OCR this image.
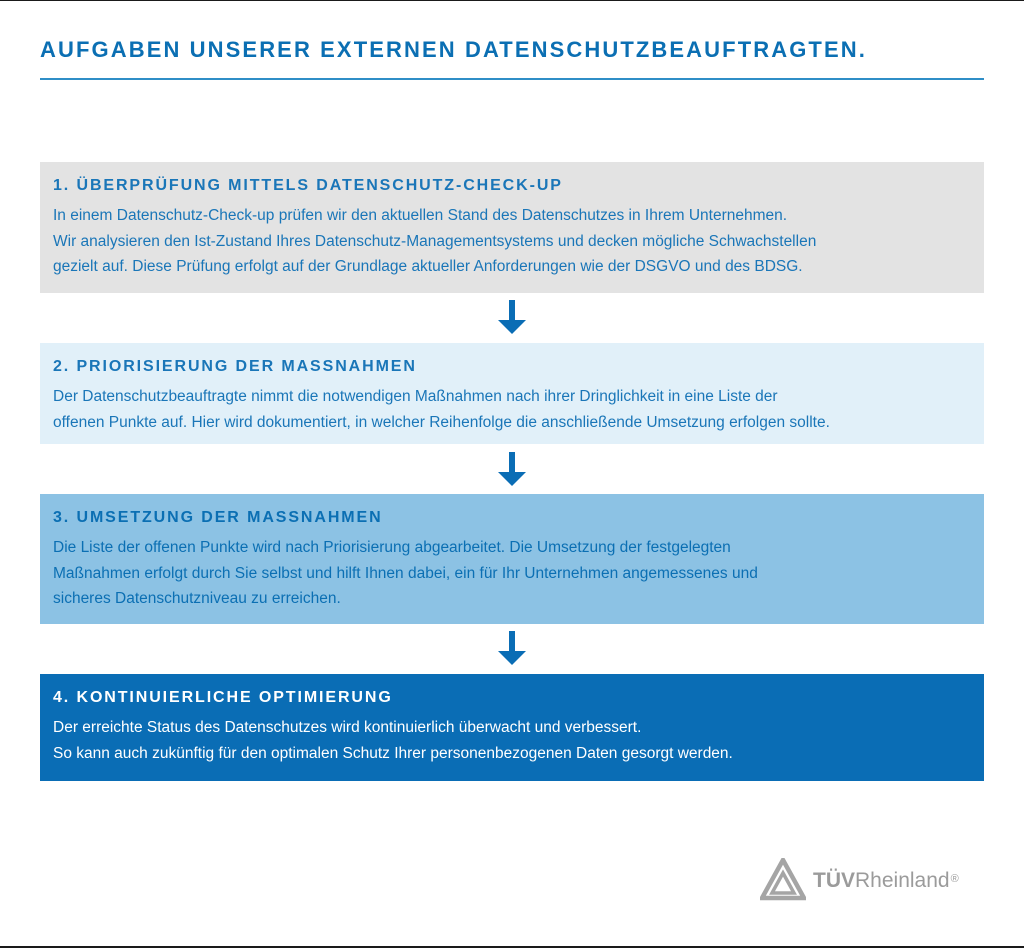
AUFGABEN UNSERER EXTERNEN DATENSCHUTZBEAUFTRAGTEN.
1. ÜBERPRÜFUNG MITTELS DATENSCHUTZ-CHECK-UP

In einem Datenschutz-Check-up prüfen wir den aktuellen Stand des Datenschutzes in Ihrem Unternehmen.
Wir analysieren den Ist-Zustand Ihres Datenschutz-Managementsystems und decken mögliche Schwachstellen
gezielt auf. Diese Prüfung erfolgt auf der Grundlage aktueller Anforderungen wie der DSGVO und des BDSG.

2. PRIORISIERUNG DER MASSNAHMEN

Der Datenschutzbeauftragte nimmt die notwendigen Maßnahmen nach ihrer Dringlichkeit in eine Liste der
offenen Punkte auf. Hier wird dokumentiert, in welcher Reihenfolge die anschließende Umsetzung erfolgen sollte.

3. UMSETZUNG DER MASSNAHMEN

Die Liste der offenen Punkte wird nach Priorisierung abgearbeitet. Die Umsetzung der festgelegten
Maßnahmen erfolgt durch Sie selbst und hilft Ihnen dabei, ein für Ihr Unternehmen angemessenes und
sicheres Datenschutzniveau zu erreichen.

4. KONTINUIERLICHE OPTIMIERUNG

Der erreichte Status des Datenschutzes wird kontinuierlich überwacht und verbessert.
So kann auch zukünftig für den optimalen Schutz Ihrer personenbezogenen Daten gesorgt werden.

TÜVRheinland®
